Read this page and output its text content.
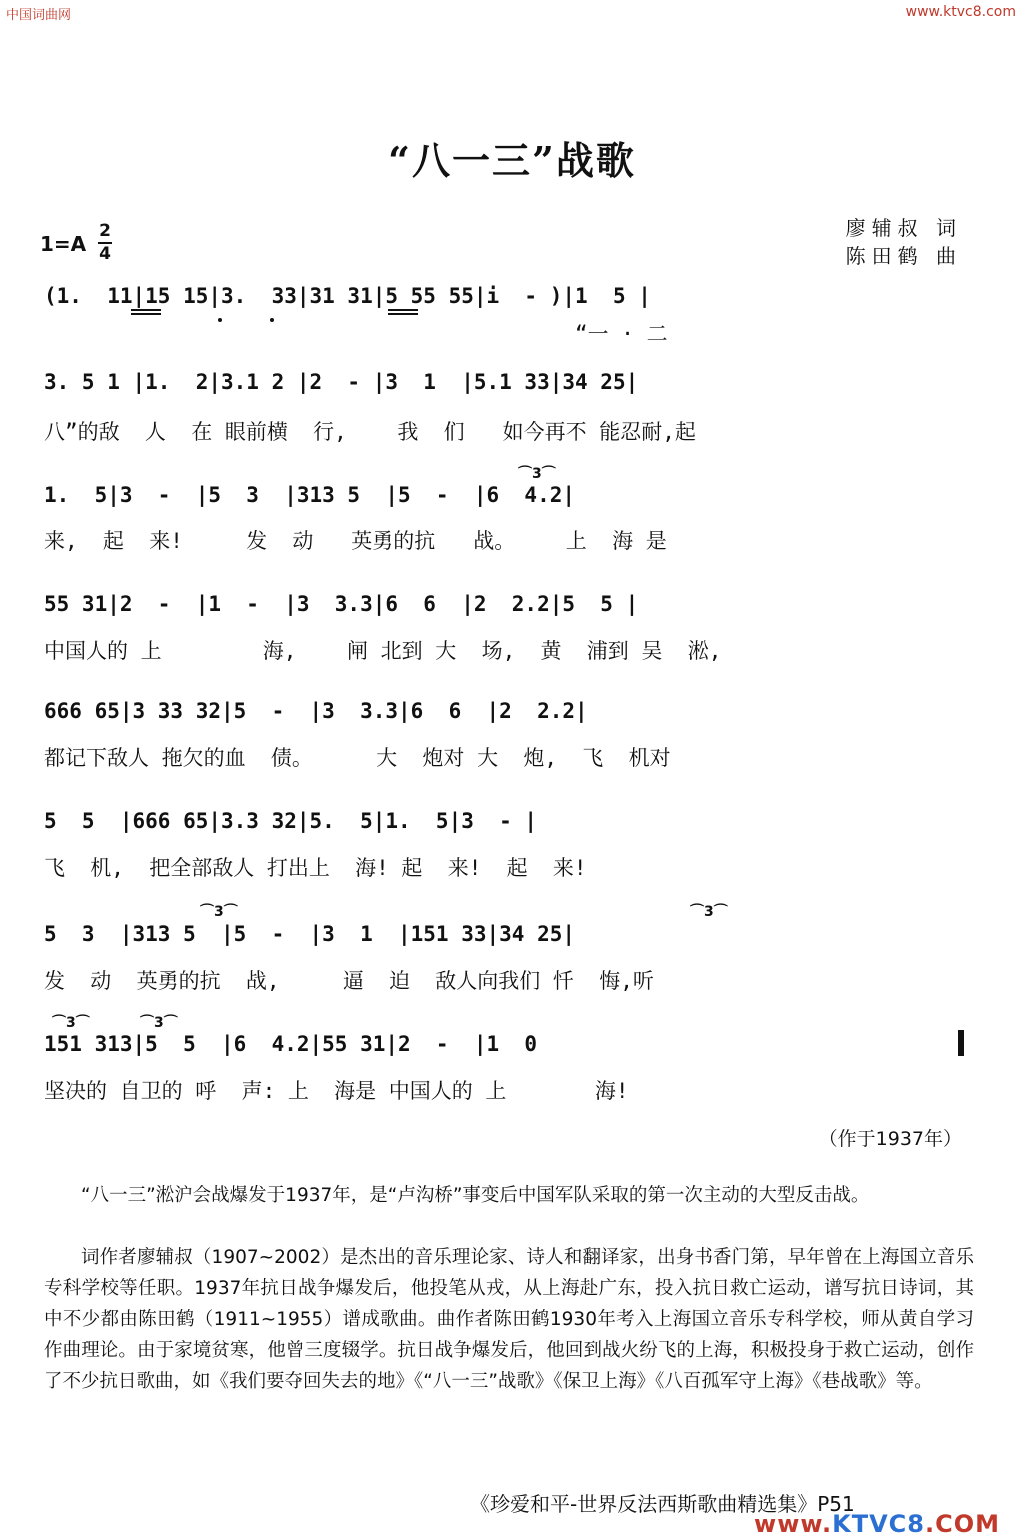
中国词曲网	www.ktvc8.com
“八一三”战歌
廖辅叔 词
陈田鹤 曲
1=A
2
4
(1.  11|15 15|3.  33|31 31|5 55 55|i  - )|1  5 |
“一 · 二
3. 5 1 |1.  2|3.1 2 |2  - |3  1  |5.1 33|34 25|
八”的敌  人  在 眼前横  行,    我  们   如今再不 能忍耐,起
1.  5|3  -  |5  3  |313 5  |5  -  |6  4.2|
来,  起  来!     发  动   英勇的抗   战。    上  海 是
55 31|2  -  |1  -  |3  3.3|6  6  |2  2.2|5  5 |
中国人的 上        海,    闸 北到 大  场,  黄  浦到 吴  淞,
666 65|3 33 32|5  -  |3  3.3|6  6  |2  2.2|
都记下敌人 拖欠的血  债。     大  炮对 大  炮,  飞  机对
5  5  |666 65|3.3 32|5.  5|1.  5|3  - |
飞  机,  把全部敌人 打出上  海! 起  来!  起  来!
5  3  |313 5  |5  -  |3  1  |151 33|34 25|
发  动  英勇的抗  战,     逼  迫  敌人向我们 忏  悔,听
151 313|5  5  |6  4.2|55 31|2  -  |1  0
坚决的 自卫的 呼  声: 上  海是 中国人的 上       海!
⌒3⌒
⌒3⌒	⌒3⌒
⌒3⌒	⌒3⌒
（作于1937年）
“八一三”淞沪会战爆发于1937年，是“卢沟桥”事变后中国军队采取的第一次主动的大型反击战。
词作者廖辅叔（1907~2002）是杰出的音乐理论家、诗人和翻译家，出身书香门第，早年曾在上海国立音乐专科学校等任职。1937年抗日战争爆发后，他投笔从戎，从上海赴广东，投入抗日救亡运动，谱写抗日诗词，其中不少都由陈田鹤（1911~1955）谱成歌曲。曲作者陈田鹤1930年考入上海国立音乐专科学校，师从黄自学习作曲理论。由于家境贫寒，他曾三度辍学。抗日战争爆发后，他回到战火纷飞的上海，积极投身于救亡运动，创作了不少抗日歌曲，如《我们要夺回失去的地》《“八一三”战歌》《保卫上海》《八百孤军守上海》《巷战歌》等。
《珍爱和平-世界反法西斯歌曲精选集》P51
www.KTVC8.COM
